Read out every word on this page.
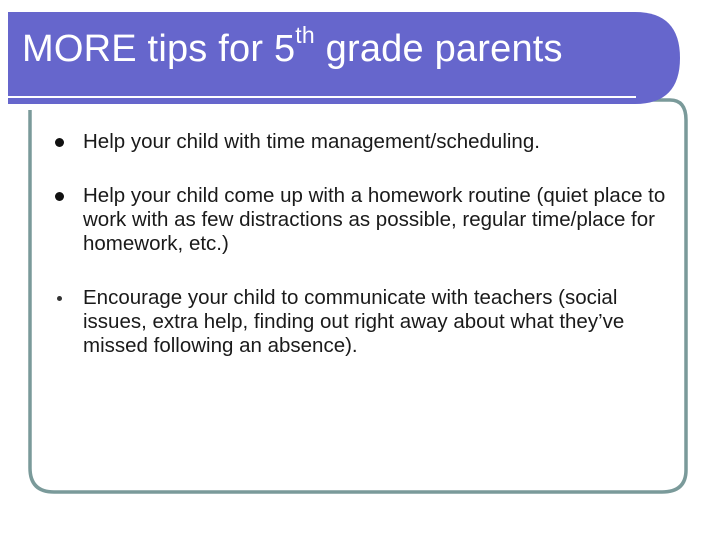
MORE tips for 5th grade parents
Help your child with time management/scheduling.
Help your child come up with a homework routine (quiet place to work with as few distractions as possible, regular time/place for homework, etc.)
Encourage your child to communicate with teachers (social issues, extra help, finding out right away about what they’ve missed following an absence).
